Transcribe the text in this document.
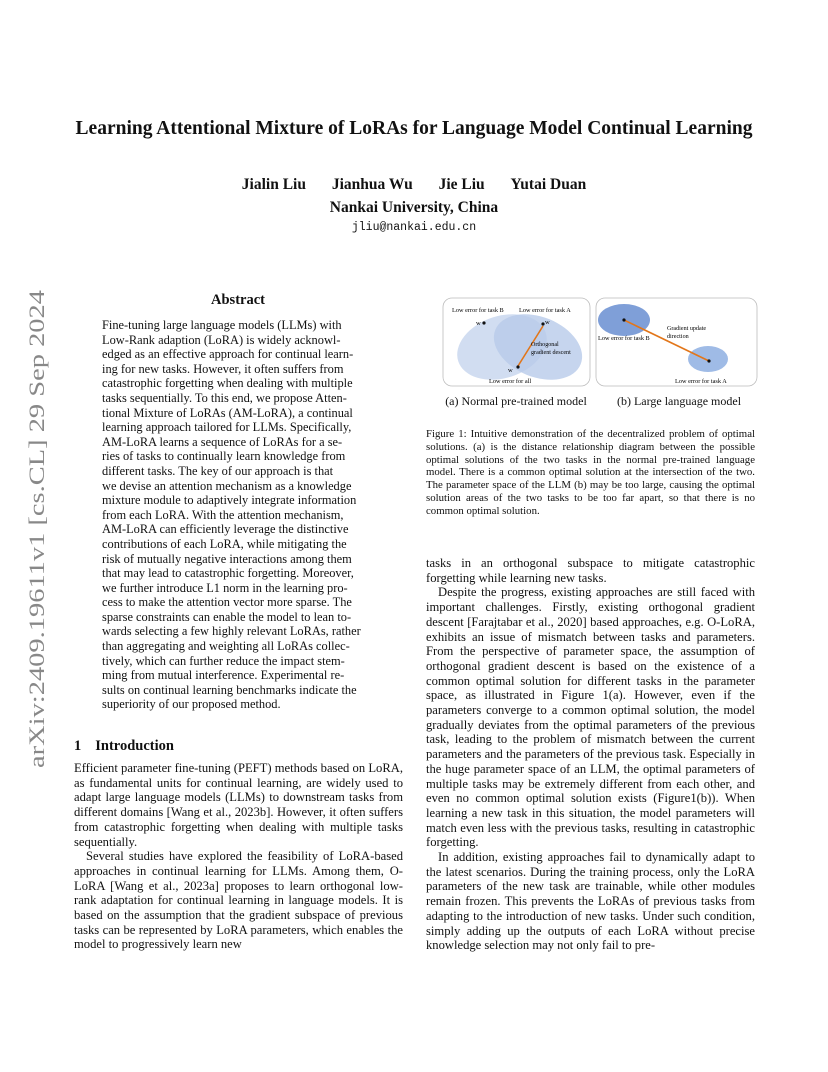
arXiv:2409.19611v1 [cs.CL] 29 Sep 2024
Learning Attentional Mixture of LoRAs for Language Model Continual Learning
Jialin Liu Jianhua Wu Jie Liu Yutai Duan
Nankai University, China
jliu@nankai.edu.cn
Abstract
Fine-tuning large language models (LLMs) with
Low-Rank adaption (LoRA) is widely acknowl-
edged as an effective approach for continual learn-
ing for new tasks. However, it often suffers from
catastrophic forgetting when dealing with multiple
tasks sequentially. To this end, we propose Atten-
tional Mixture of LoRAs (AM-LoRA), a continual
learning approach tailored for LLMs. Specifically,
AM-LoRA learns a sequence of LoRAs for a se-
ries of tasks to continually learn knowledge from
different tasks. The key of our approach is that
we devise an attention mechanism as a knowledge
mixture module to adaptively integrate information
from each LoRA. With the attention mechanism,
AM-LoRA can efficiently leverage the distinctive
contributions of each LoRA, while mitigating the
risk of mutually negative interactions among them
that may lead to catastrophic forgetting. Moreover,
we further introduce L1 norm in the learning pro-
cess to make the attention vector more sparse. The
sparse constraints can enable the model to lean to-
wards selecting a few highly relevant LoRAs, rather
than aggregating and weighting all LoRAs collec-
tively, which can further reduce the impact stem-
ming from mutual interference. Experimental re-
sults on continual learning benchmarks indicate the
superiority of our proposed method.
1 Introduction

Efficient parameter fine-tuning (PEFT) methods based on LoRA, as fundamental units for continual learning, are widely used to adapt large language models (LLMs) to downstream tasks from different domains [Wang et al., 2023b]. However, it often suffers from catastrophic forgetting when dealing with multiple tasks sequentially.

Several studies have explored the feasibility of LoRA-based approaches in continual learning for LLMs. Among them, O-LoRA [Wang et al., 2023a] proposes to learn orthogonal low-rank adaptation for continual learning in language models. It is based on the assumption that the gradient subspace of previous tasks can be represented by LoRA parameters, which enables the model to progressively learn new

Low error for task B Low error for task A
w	w
w
Orthogonal
gradient descent
Low error for all
Low error for task B
Gradient update
direction
Low error for task A
(a) Normal pre-trained model	(b) Large language model
Figure 1: Intuitive demonstration of the decentralized problem of optimal solutions. (a) is the distance relationship diagram between the possible optimal solutions of the two tasks in the normal pre-trained language model. There is a common optimal solution at the intersection of the two. The parameter space of the LLM (b) may be too large, causing the optimal solution areas of the two tasks to be too far apart, so that there is no common optimal solution.

tasks in an orthogonal subspace to mitigate catastrophic forgetting while learning new tasks.

Despite the progress, existing approaches are still faced with important challenges. Firstly, existing orthogonal gradient descent [Farajtabar et al., 2020] based approaches, e.g. O-LoRA, exhibits an issue of mismatch between tasks and parameters. From the perspective of parameter space, the assumption of orthogonal gradient descent is based on the existence of a common optimal solution for different tasks in the parameter space, as illustrated in Figure 1(a). However, even if the parameters converge to a common optimal solution, the model gradually deviates from the optimal parameters of the previous task, leading to the problem of mismatch between the current parameters and the parameters of the previous task. Especially in the huge parameter space of an LLM, the optimal parameters of multiple tasks may be extremely different from each other, and even no common optimal solution exists (Figure1(b)). When learning a new task in this situation, the model parameters will match even less with the previous tasks, resulting in catastrophic forgetting.

In addition, existing approaches fail to dynamically adapt to the latest scenarios. During the training process, only the LoRA parameters of the new task are trainable, while other modules remain frozen. This prevents the LoRAs of previous tasks from adapting to the introduction of new tasks. Under such condition, simply adding up the outputs of each LoRA without precise knowledge selection may not only fail to pre-
